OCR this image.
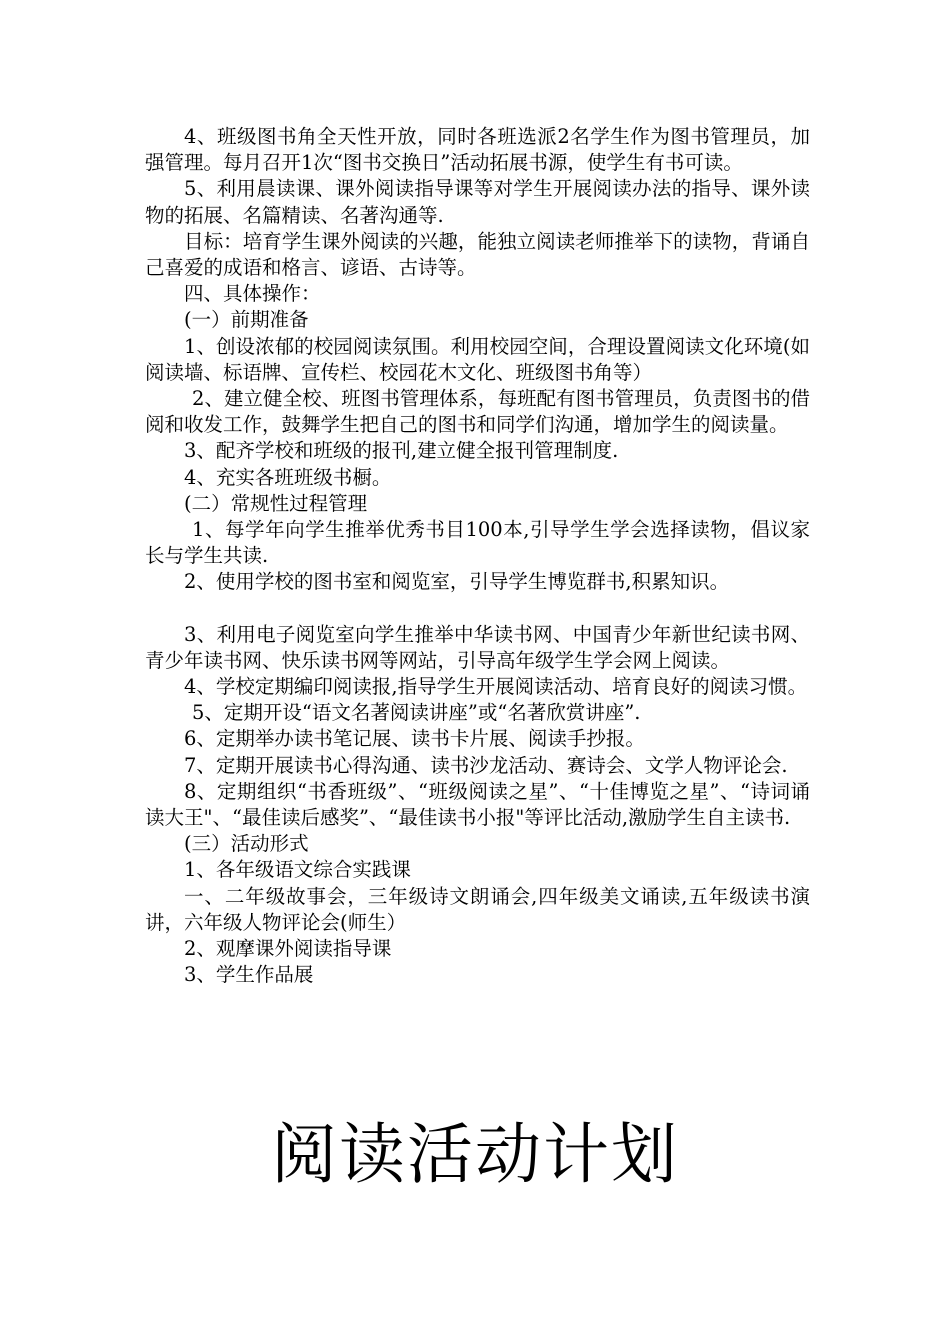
4、班级图书角全天性开放，同时各班选派2名学生作为图书管理员，加强管理。每月召开1次“图书交换日”活动拓展书源，使学生有书可读。

5、利用晨读课、课外阅读指导课等对学生开展阅读办法的指导、课外读物的拓展、名篇精读、名著沟通等.

目标：培育学生课外阅读的兴趣，能独立阅读老师推举下的读物，背诵自己喜爱的成语和格言、谚语、古诗等。

四、具体操作：

(一）前期准备

1、创设浓郁的校园阅读氛围。利用校园空间，合理设置阅读文化环境(如阅读墙、标语牌、宣传栏、校园花木文化、班级图书角等）

2、建立健全校、班图书管理体系，每班配有图书管理员，负责图书的借阅和收发工作，鼓舞学生把自己的图书和同学们沟通，增加学生的阅读量。

3、配齐学校和班级的报刊,建立健全报刊管理制度.

4、充实各班班级书橱。

(二）常规性过程管理

1、每学年向学生推举优秀书目100本,引导学生学会选择读物，倡议家长与学生共读.

2、使用学校的图书室和阅览室，引导学生博览群书,积累知识。

3、利用电子阅览室向学生推举中华读书网、中国青少年新世纪读书网、青少年读书网、快乐读书网等网站，引导高年级学生学会网上阅读。

4、学校定期编印阅读报,指导学生开展阅读活动、培育良好的阅读习惯。

5、定期开设“语文名著阅读讲座”或“名著欣赏讲座”.

6、定期举办读书笔记展、读书卡片展、阅读手抄报。

7、定期开展读书心得沟通、读书沙龙活动、赛诗会、文学人物评论会.

8、定期组织“书香班级”、“班级阅读之星”、“十佳博览之星”、“诗词诵读大王"、“最佳读后感奖”、“最佳读书小报"等评比活动,激励学生自主读书.

(三）活动形式

1、各年级语文综合实践课

一、二年级故事会，三年级诗文朗诵会,四年级美文诵读,五年级读书演讲，六年级人物评论会(师生）

2、观摩课外阅读指导课

3、学生作品展

阅读活动计划
